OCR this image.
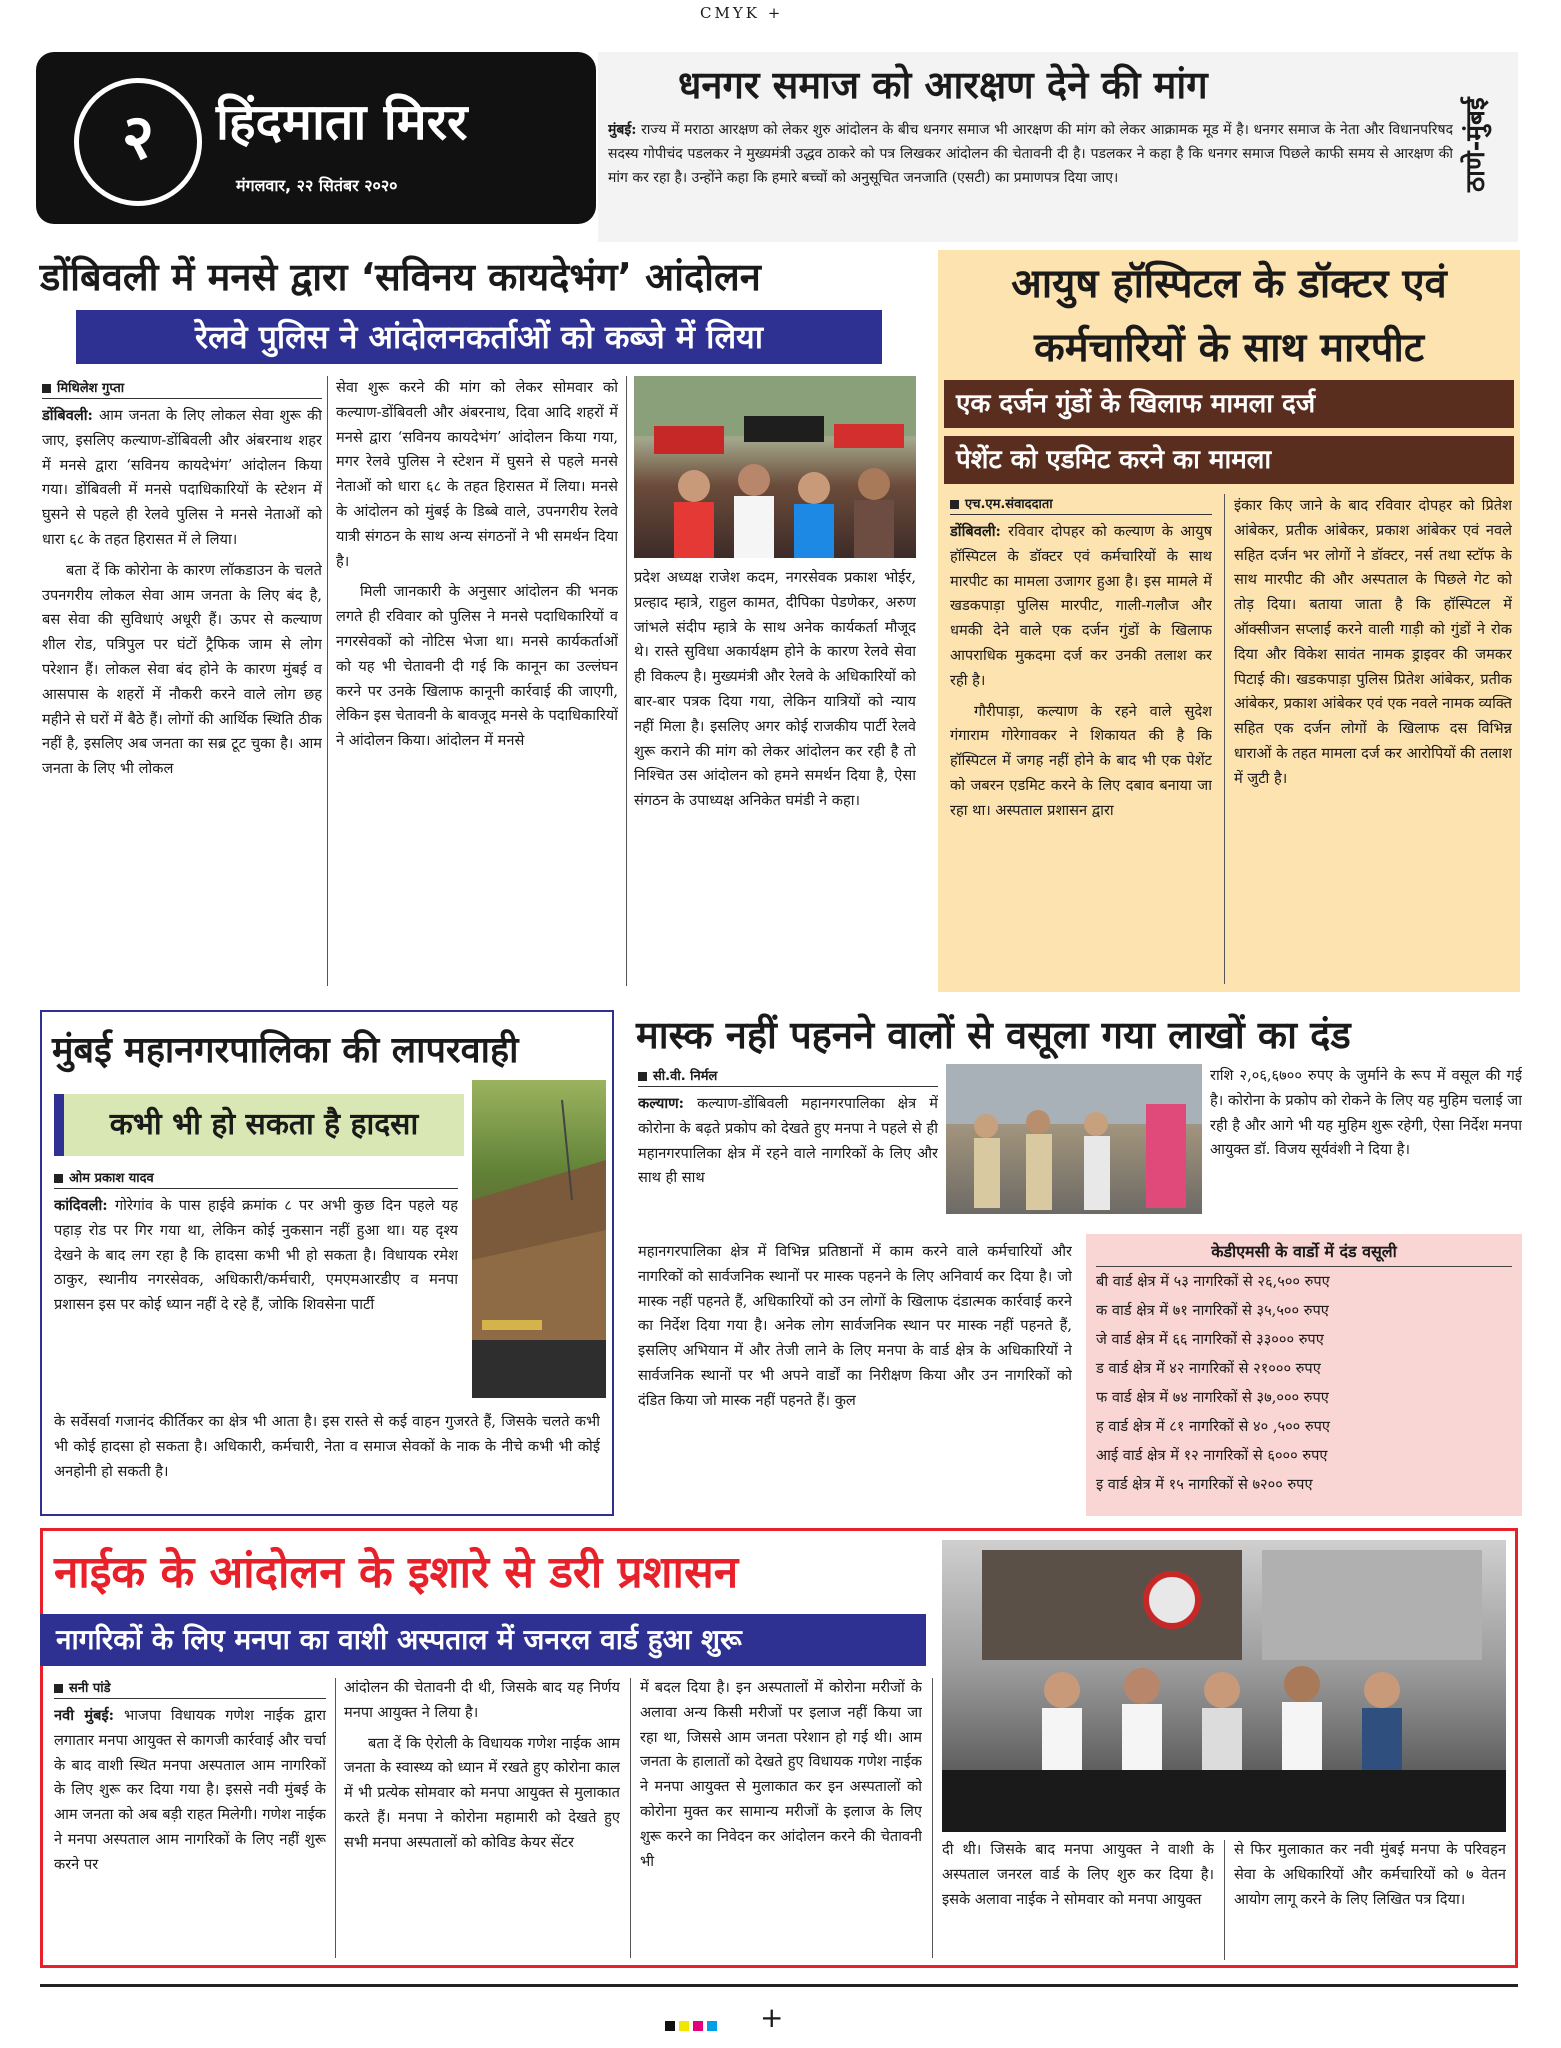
CMYK +
२	हिंदमाता मिरर
मंगलवार, २२ सितंबर २०२०
धनगर समाज को आरक्षण देने की मांग

मुंबई: राज्य में मराठा आरक्षण को लेकर शुरु आंदोलन के बीच धनगर समाज भी आरक्षण की मांग को लेकर आक्रामक मूड में है। धनगर समाज के नेता और विधानपरिषद सदस्य गोपीचंद पडलकर ने मुख्यमंत्री उद्धव ठाकरे को पत्र लिखकर आंदोलन की चेतावनी दी है। पडलकर ने कहा है कि धनगर समाज पिछले काफी समय से आरक्षण की मांग कर रहा है। उन्होंने कहा कि हमारे बच्चों को अनुसूचित जनजाति (एसटी) का प्रमाणपत्र दिया जाए।	ठाणे-मुंबई
डोंबिवली में मनसे द्वारा ‘सविनय कायदेभंग’ आंदोलन
रेलवे पुलिस ने आंदोलनकर्ताओं को कब्जे में लिया
मिथिलेश गुप्ता

डोंबिवली: आम जनता के लिए लोकल सेवा शुरू की जाए, इसलिए कल्याण-डोंबिवली और अंबरनाथ शहर में मनसे द्वारा ‘सविनय कायदेभंग’ आंदोलन किया गया। डोंबिवली में मनसे पदाधिकारियों के स्टेशन में घुसने से पहले ही रेलवे पुलिस ने मनसे नेताओं को धारा ६८ के तहत हिरासत में ले लिया।

बता दें कि कोरोना के कारण लॉकडाउन के चलते उपनगरीय लोकल सेवा आम जनता के लिए बंद है, बस सेवा की सुविधाएं अधूरी हैं। ऊपर से कल्याण शील रोड, पत्रिपुल पर घंटों ट्रैफिक जाम से लोग परेशान हैं। लोकल सेवा बंद होने के कारण मुंबई व आसपास के शहरों में नौकरी करने वाले लोग छह महीने से घरों में बैठे हैं। लोगों की आर्थिक स्थिति ठीक नहीं है, इसलिए अब जनता का सब्र टूट चुका है। आम जनता के लिए भी लोकल

सेवा शुरू करने की मांग को लेकर सोमवार को कल्याण-डोंबिवली और अंबरनाथ, दिवा आदि शहरों में मनसे द्वारा ‘सविनय कायदेभंग’ आंदोलन किया गया, मगर रेलवे पुलिस ने स्टेशन में घुसने से पहले मनसे नेताओं को धारा ६८ के तहत हिरासत में लिया। मनसे के आंदोलन को मुंबई के डिब्बे वाले, उपनगरीय रेलवे यात्री संगठन के साथ अन्य संगठनों ने भी समर्थन दिया है।

मिली जानकारी के अनुसार आंदोलन की भनक लगते ही रविवार को पुलिस ने मनसे पदाधिकारियों व नगरसेवकों को नोटिस भेजा था। मनसे कार्यकर्ताओं को यह भी चेतावनी दी गई कि कानून का उल्लंघन करने पर उनके खिलाफ कानूनी कार्रवाई की जाएगी, लेकिन इस चेतावनी के बावजूद मनसे के पदाधिकारियों ने आंदोलन किया। आंदोलन में मनसे

प्रदेश अध्यक्ष राजेश कदम, नगरसेवक प्रकाश भोईर, प्रल्हाद म्हात्रे, राहुल कामत, दीपिका पेडणेकर, अरुण जांभले संदीप म्हात्रे के साथ अनेक कार्यकर्ता मौजूद थे। रास्ते सुविधा अकार्यक्षम होने के कारण रेलवे सेवा ही विकल्प है। मुख्यमंत्री और रेलवे के अधिकारियों को बार-बार पत्रक दिया गया, लेकिन यात्रियों को न्याय नहीं मिला है। इसलिए अगर कोई राजकीय पार्टी रेलवे शुरू कराने की मांग को लेकर आंदोलन कर रही है तो निश्चित उस आंदोलन को हमने समर्थन दिया है, ऐसा संगठन के उपाध्यक्ष अनिकेत घमंडी ने कहा।

आयुष हॉस्पिटल के डॉक्टर एवं
कर्मचारियों के साथ मारपीट
एक दर्जन गुंडों के खिलाफ मामला दर्ज
पेशेंट को एडमिट करने का मामला
एच.एम.संवाददाता

डोंबिवली: रविवार दोपहर को कल्याण के आयुष हॉस्पिटल के डॉक्टर एवं कर्मचारियों के साथ मारपीट का मामला उजागर हुआ है। इस मामले में खडकपाड़ा पुलिस मारपीट, गाली-गलौज और धमकी देने वाले एक दर्जन गुंडों के खिलाफ आपराधिक मुकदमा दर्ज कर उनकी तलाश कर रही है।

गौरीपाड़ा, कल्याण के रहने वाले सुदेश गंगाराम गोरेगावकर ने शिकायत की है कि हॉस्पिटल में जगह नहीं होने के बाद भी एक पेशेंट को जबरन एडमिट करने के लिए दबाव बनाया जा रहा था। अस्पताल प्रशासन द्वारा

इंकार किए जाने के बाद रविवार दोपहर को प्रितेश आंबेकर, प्रतीक आंबेकर, प्रकाश आंबेकर एवं नवले सहित दर्जन भर लोगों ने डॉक्टर, नर्स तथा स्टॉफ के साथ मारपीट की और अस्पताल के पिछले गेट को तोड़ दिया। बताया जाता है कि हॉस्पिटल में ऑक्सीजन सप्लाई करने वाली गाड़ी को गुंडों ने रोक दिया और विकेश सावंत नामक ड्राइवर की जमकर पिटाई की। खडकपाड़ा पुलिस प्रितेश आंबेकर, प्रतीक आंबेकर, प्रकाश आंबेकर एवं एक नवले नामक व्यक्ति सहित एक दर्जन लोगों के खिलाफ दस विभिन्न धाराओं के तहत मामला दर्ज कर आरोपियों की तलाश में जुटी है।

मुंबई महानगरपालिका की लापरवाही
कभी भी हो सकता है हादसा
ओम प्रकाश यादव

कांदिवली: गोरेगांव के पास हाईवे क्रमांक ८ पर अभी कुछ दिन पहले यह पहाड़ रोड पर गिर गया था, लेकिन कोई नुकसान नहीं हुआ था। यह दृश्य देखने के बाद लग रहा है कि हादसा कभी भी हो सकता है। विधायक रमेश ठाकुर, स्थानीय नगरसेवक, अधिकारी/कर्मचारी, एमएमआरडीए व मनपा प्रशासन इस पर कोई ध्यान नहीं दे रहे हैं, जोकि शिवसेना पार्टी

के सर्वेसर्वा गजानंद कीर्तिकर का क्षेत्र भी आता है। इस रास्ते से कई वाहन गुजरते हैं, जिसके चलते कभी भी कोई हादसा हो सकता है। अधिकारी, कर्मचारी, नेता व समाज सेवकों के नाक के नीचे कभी भी कोई अनहोनी हो सकती है।

मास्क नहीं पहनने वालों से वसूला गया लाखों का दंड
सी.वी. निर्मल

कल्याण: कल्याण-डोंबिवली महानगरपालिका क्षेत्र में कोरोना के बढ़ते प्रकोप को देखते हुए मनपा ने पहले से ही महानगरपालिका क्षेत्र में रहने वाले नागरिकों के लिए और साथ ही साथ

राशि २,०६,६७०० रुपए के जुर्माने के रूप में वसूल की गई है। कोरोना के प्रकोप को रोकने के लिए यह मुहिम चलाई जा रही है और आगे भी यह मुहिम शुरू रहेगी, ऐसा निर्देश मनपा आयुक्त डॉ. विजय सूर्यवंशी ने दिया है।

महानगरपालिका क्षेत्र में विभिन्न प्रतिष्ठानों में काम करने वाले कर्मचारियों और नागरिकों को सार्वजनिक स्थानों पर मास्क पहनने के लिए अनिवार्य कर दिया है। जो मास्क नहीं पहनते हैं, अधिकारियों को उन लोगों के खिलाफ दंडात्मक कार्रवाई करने का निर्देश दिया गया है। अनेक लोग सार्वजनिक स्थान पर मास्क नहीं पहनते हैं, इसलिए अभियान में और तेजी लाने के लिए मनपा के वार्ड क्षेत्र के अधिकारियों ने सार्वजनिक स्थानों पर भी अपने वार्डों का निरीक्षण किया और उन नागरिकों को दंडित किया जो मास्क नहीं पहनते हैं। कुल

केडीएमसी के वार्डो में दंड वसूली
बी वार्ड क्षेत्र में ५३ नागरिकों से २६,५०० रुपए
क वार्ड क्षेत्र में ७१ नागरिकों से ३५,५०० रुपए
जे वार्ड क्षेत्र में ६६ नागरिकों से ३३००० रुपए
ड वार्ड क्षेत्र में ४२ नागरिकों से २१००० रुपए
फ वार्ड क्षेत्र में ७४ नागरिकों से ३७,००० रुपए
ह वार्ड क्षेत्र में ८१ नागरिकों से ४० ,५०० रुपए
आई वार्ड क्षेत्र में १२ नागरिकों से ६००० रुपए
इ वार्ड क्षेत्र में १५ नागरिकों से ७२०० रुपए
नाईक के आंदोलन के इशारे से डरी प्रशासन
नागरिकों के लिए मनपा का वाशी अस्पताल में जनरल वार्ड हुआ शुरू
सनी पांडे

नवी मुंबई: भाजपा विधायक गणेश नाईक द्वारा लगातार मनपा आयुक्त से कागजी कार्रवाई और चर्चा के बाद वाशी स्थित मनपा अस्पताल आम नागरिकों के लिए शुरू कर दिया गया है। इससे नवी मुंबई के आम जनता को अब बड़ी राहत मिलेगी। गणेश नाईक ने मनपा अस्पताल आम नागरिकों के लिए नहीं शुरू करने पर

आंदोलन की चेतावनी दी थी, जिसके बाद यह निर्णय मनपा आयुक्त ने लिया है।

बता दें कि ऐरोली के विधायक गणेश नाईक आम जनता के स्वास्थ्य को ध्यान में रखते हुए कोरोना काल में भी प्रत्येक सोमवार को मनपा आयुक्त से मुलाकात करते हैं। मनपा ने कोरोना महामारी को देखते हुए सभी मनपा अस्पतालों को कोविड केयर सेंटर

में बदल दिया है। इन अस्पतालों में कोरोना मरीजों के अलावा अन्य किसी मरीजों पर इलाज नहीं किया जा रहा था, जिससे आम जनता परेशान हो गई थी। आम जनता के हालातों को देखते हुए विधायक गणेश नाईक ने मनपा आयुक्त से मुलाकात कर इन अस्पतालों को कोरोना मुक्त कर सामान्य मरीजों के इलाज के लिए शुरू करने का निवेदन कर आंदोलन करने की चेतावनी भी

दी थी। जिसके बाद मनपा आयुक्त ने वाशी के अस्पताल जनरल वार्ड के लिए शुरु कर दिया है। इसके अलावा नाईक ने सोमवार को मनपा आयुक्त

से फिर मुलाकात कर नवी मुंबई मनपा के परिवहन सेवा के अधिकारियों और कर्मचारियों को ७ वेतन आयोग लागू करने के लिए लिखित पत्र दिया।

+
